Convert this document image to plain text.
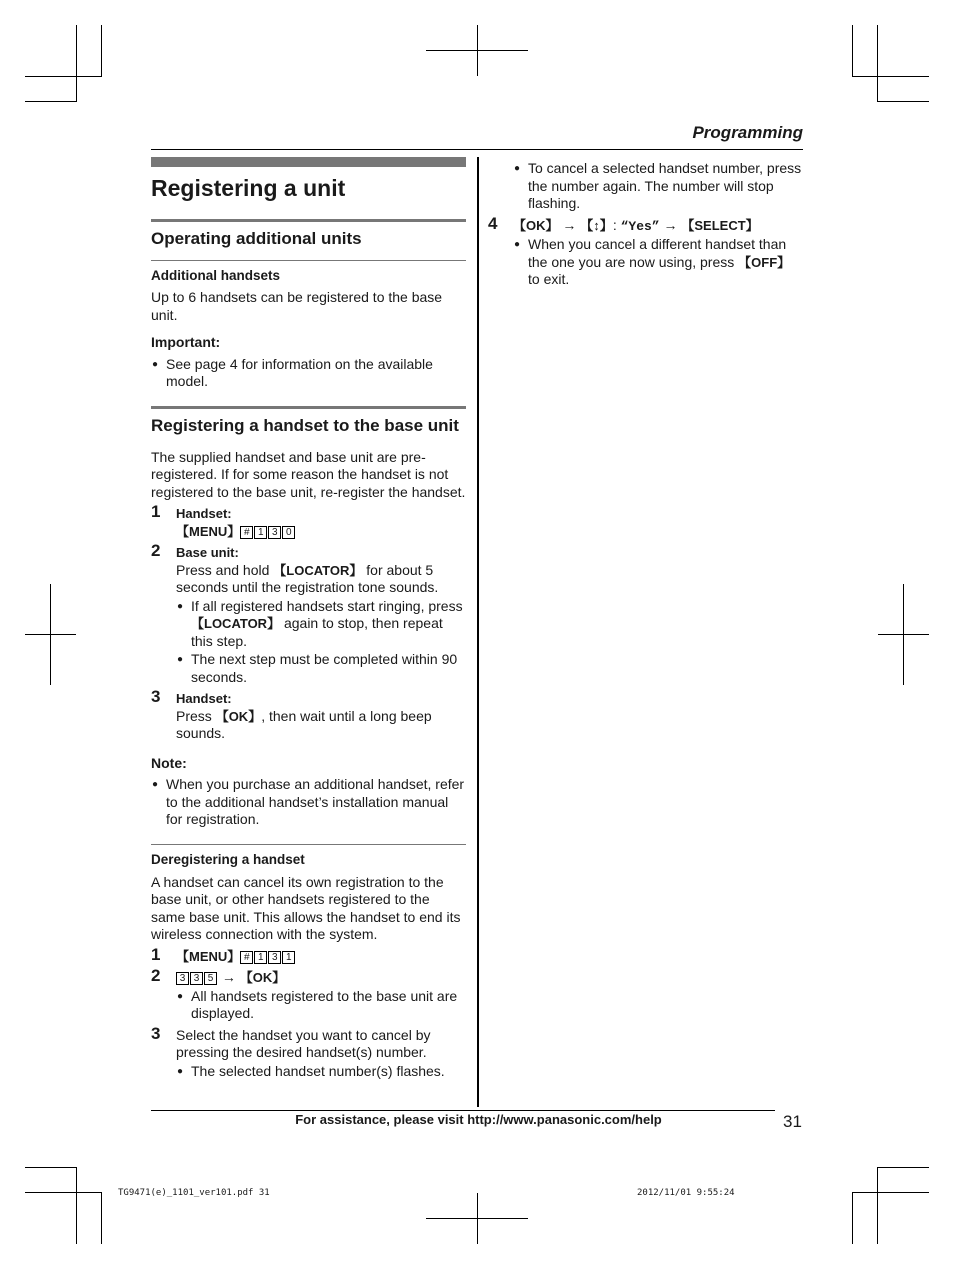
Programming
Registering a unit
Operating additional units
Additional handsets

Up to 6 handsets can be registered to the base unit.

Important:
● See page 4 for information on the available model.
Registering a handset to the base unit

The supplied handset and base unit are pre-registered. If for some reason the handset is not registered to the base unit, re-register the handset.

1 Handset:
【MENU】 # 1 3 0
2 Base unit:
Press and hold 【LOCATOR】 for about 5 seconds until the registration tone sounds.
● If all registered handsets start ringing, press 【LOCATOR】 again to stop, then repeat this step.
● The next step must be completed within 90 seconds.
3 Handset:
Press 【OK】, then wait until a long beep sounds.
Note:
● When you purchase an additional handset, refer to the additional handset’s installation manual for registration.
Deregistering a handset

A handset can cancel its own registration to the base unit, or other handsets registered to the same base unit. This allows the handset to end its wireless connection with the system.

1 【MENU】 # 1 3 1
2	3 3 5 → 【OK】
● All handsets registered to the base unit are displayed.
3 Select the handset you want to cancel by pressing the desired handset(s) number.
● The selected handset number(s) flashes.
● To cancel a selected handset number, press the number again. The number will stop flashing.
4 【OK】 → 【↕】: “Yes” → 【SELECT】
● When you cancel a different handset than the one you are now using, press 【OFF】 to exit.
For assistance, please visit http://www.panasonic.com/help	31
TG9471(e)_1101_ver101.pdf 31	2012/11/01 9:55:24
